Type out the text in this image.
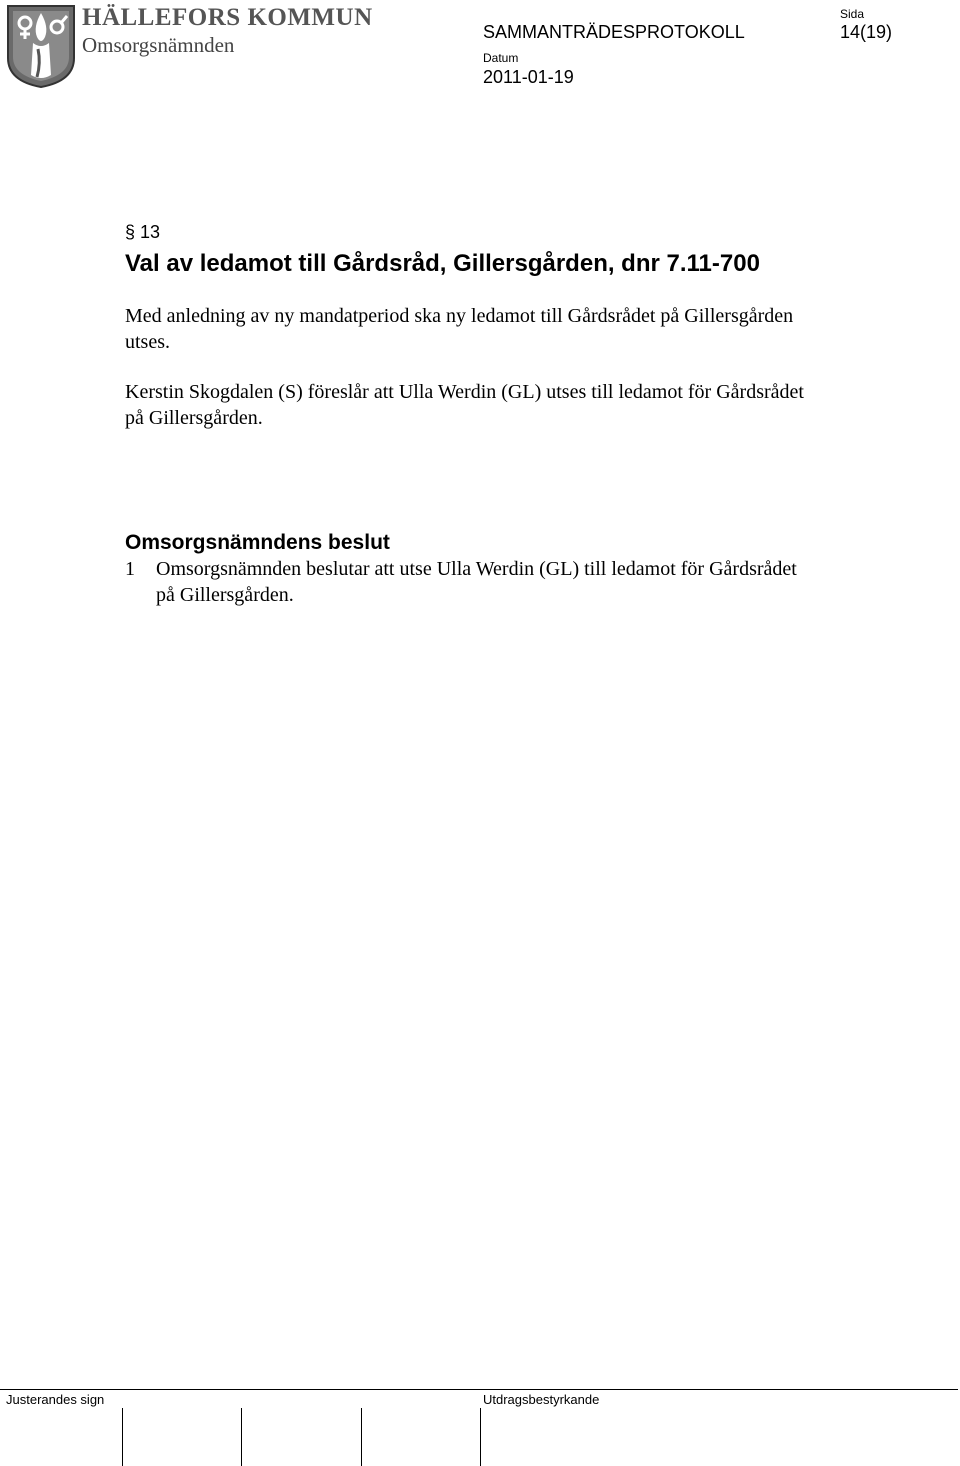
HÄLLEFORS KOMMUN
Omsorgsnämnden
SAMMANTRÄDESPROTOKOLL
Sida
14(19)
Datum
2011-01-19
§ 13
Val av ledamot till Gårdsråd, Gillersgården, dnr 7.11-700
Med anledning av ny mandatperiod ska ny ledamot till Gårdsrådet på Gillersgården utses.
Kerstin Skogdalen (S) föreslår att Ulla Werdin (GL) utses till ledamot för Gårdsrådet på Gillersgården.
Omsorgsnämndens beslut
1 Omsorgsnämnden beslutar att utse Ulla Werdin (GL) till ledamot för Gårdsrådet på Gillersgården.
Justerandes sign	Utdragsbestyrkande
